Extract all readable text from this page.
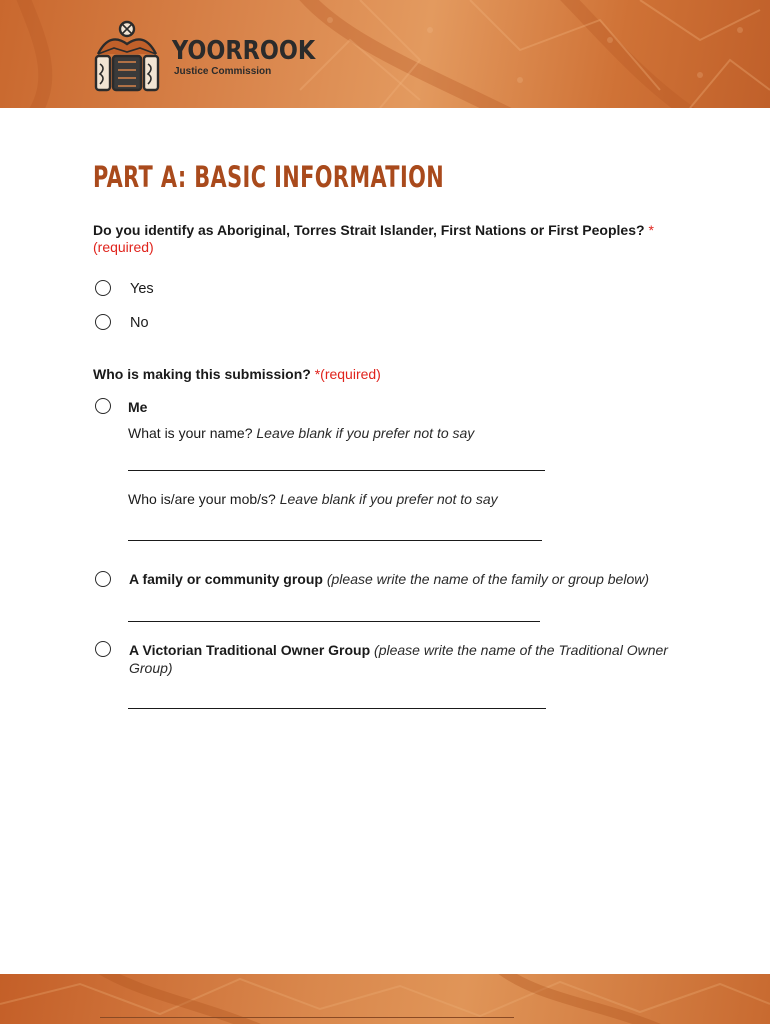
YOORROOK
Justice Commission
PART A: BASIC INFORMATION
Do you identify as Aboriginal, Torres Strait Islander, First Nations or First Peoples? *(required)
Yes
No
Who is making this submission? *(required)
Me
What is your name? Leave blank if you prefer not to say
Who is/are your mob/s? Leave blank if you prefer not to say
A family or community group (please write the name of the family or group below)
A Victorian Traditional Owner Group (please write the name of the Traditional Owner Group)
